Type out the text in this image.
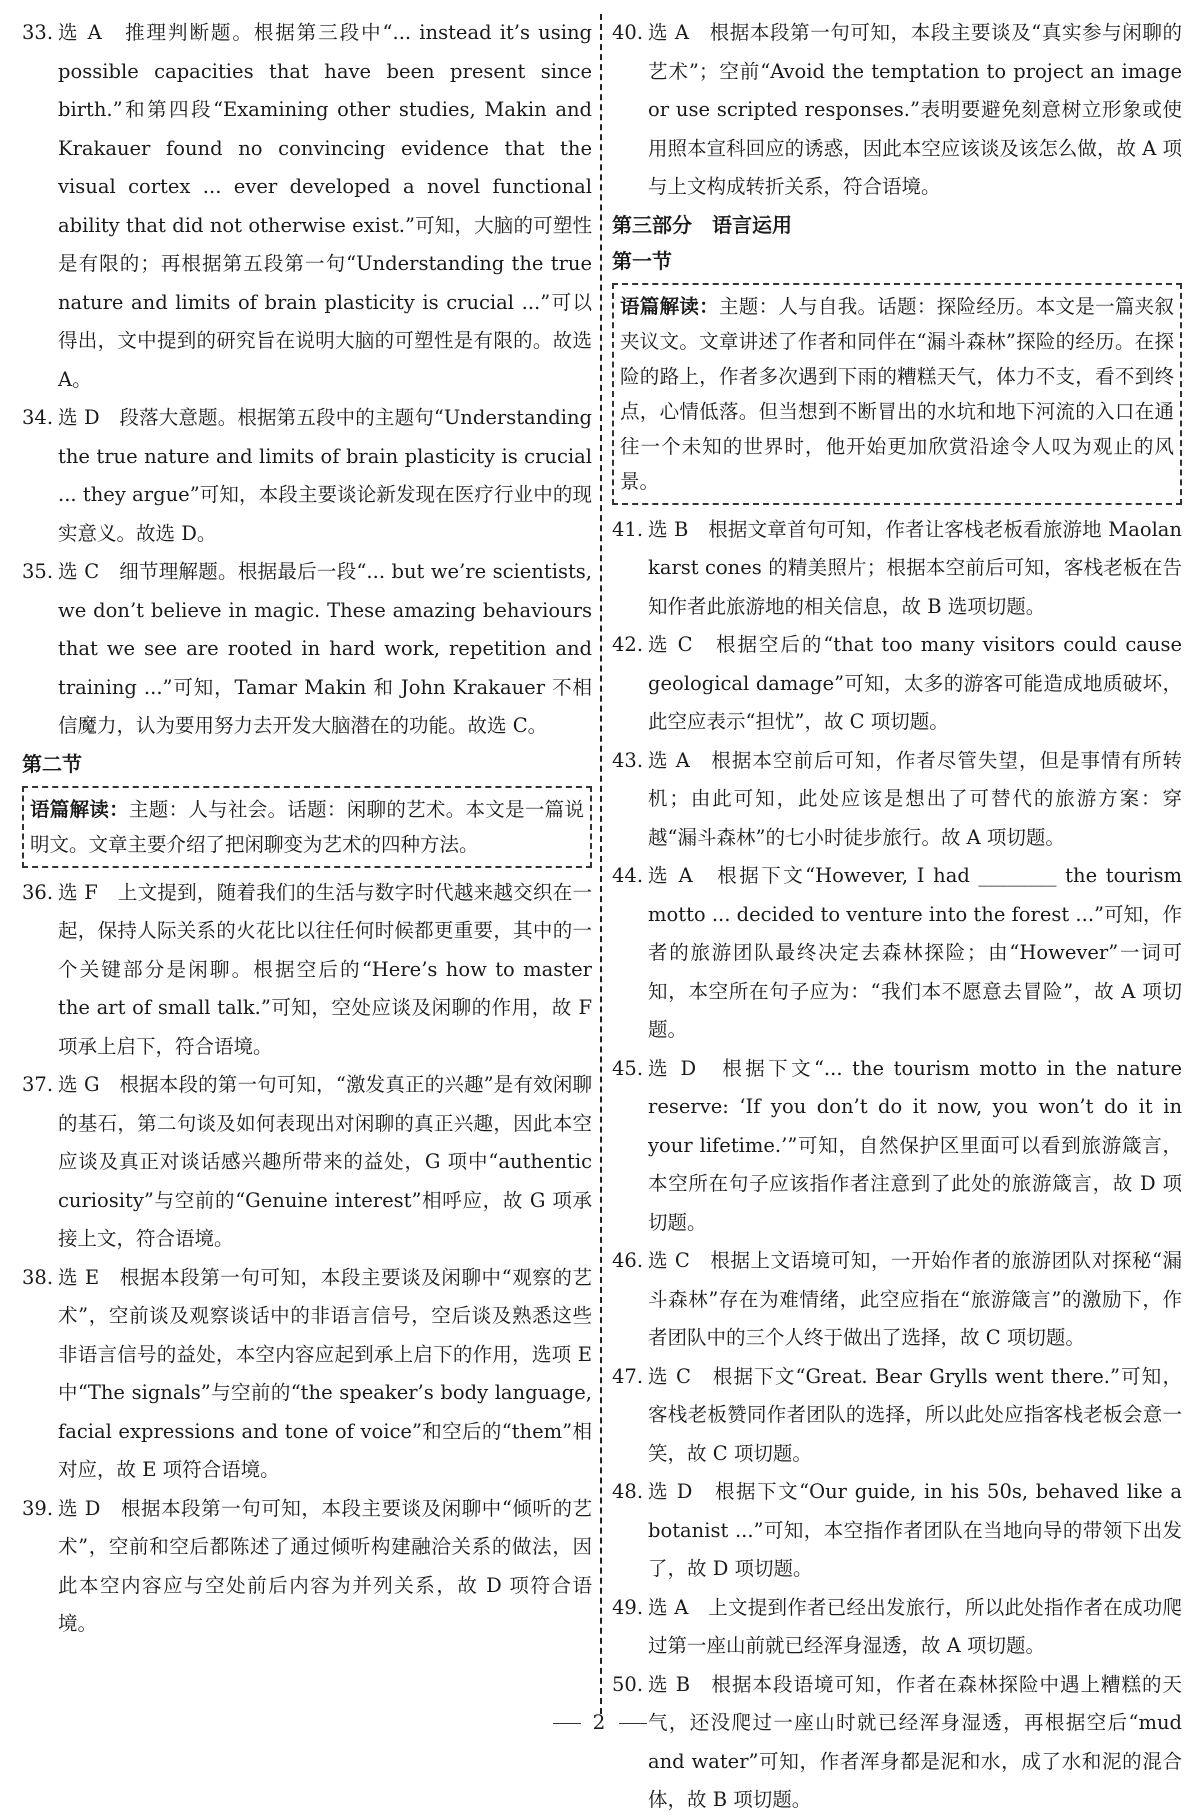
33. 选 A　推理判断题。根据第三段中“... instead it’s using possible capacities that have been present since birth.”和第四段“Examining other studies, Makin and Krakauer found no convincing evidence that the visual cortex ... ever developed a novel functional ability that did not otherwise exist.”可知，大脑的可塑性是有限的；再根据第五段第一句“Understanding the true nature and limits of brain plasticity is crucial ...”可以得出，文中提到的研究旨在说明大脑的可塑性是有限的。故选 A。
34. 选 D　段落大意题。根据第五段中的主题句“Understanding the true nature and limits of brain plasticity is crucial ... they argue”可知，本段主要谈论新发现在医疗行业中的现实意义。故选 D。
35. 选 C　细节理解题。根据最后一段“... but we’re scientists, we don’t believe in magic. These amazing behaviours that we see are rooted in hard work, repetition and training ...”可知，Tamar Makin 和 John Krakauer 不相信魔力，认为要用努力去开发大脑潜在的功能。故选 C。
第二节
语篇解读：主题：人与社会。话题：闲聊的艺术。本文是一篇说明文。文章主要介绍了把闲聊变为艺术的四种方法。
36. 选 F　上文提到，随着我们的生活与数字时代越来越交织在一起，保持人际关系的火花比以往任何时候都更重要，其中的一个关键部分是闲聊。根据空后的“Here’s how to master the art of small talk.”可知，空处应谈及闲聊的作用，故 F 项承上启下，符合语境。
37. 选 G　根据本段的第一句可知，“激发真正的兴趣”是有效闲聊的基石，第二句谈及如何表现出对闲聊的真正兴趣，因此本空应谈及真正对谈话感兴趣所带来的益处，G 项中“authentic curiosity”与空前的“Genuine interest”相呼应，故 G 项承接上文，符合语境。
38. 选 E　根据本段第一句可知，本段主要谈及闲聊中“观察的艺术”，空前谈及观察谈话中的非语言信号，空后谈及熟悉这些非语言信号的益处，本空内容应起到承上启下的作用，选项 E 中“The signals”与空前的“the speaker’s body language, facial expressions and tone of voice”和空后的“them”相对应，故 E 项符合语境。
39. 选 D　根据本段第一句可知，本段主要谈及闲聊中“倾听的艺术”，空前和空后都陈述了通过倾听构建融洽关系的做法，因此本空内容应与空处前后内容为并列关系，故 D 项符合语境。
40. 选 A　根据本段第一句可知，本段主要谈及“真实参与闲聊的艺术”；空前“Avoid the temptation to project an image or use scripted responses.”表明要避免刻意树立形象或使用照本宣科回应的诱惑，因此本空应该谈及该怎么做，故 A 项与上文构成转折关系，符合语境。
第三部分　语言运用
第一节
语篇解读：主题：人与自我。话题：探险经历。本文是一篇夹叙夹议文。文章讲述了作者和同伴在“漏斗森林”探险的经历。在探险的路上，作者多次遇到下雨的糟糕天气，体力不支，看不到终点，心情低落。但当想到不断冒出的水坑和地下河流的入口在通往一个未知的世界时，他开始更加欣赏沿途令人叹为观止的风景。
41. 选 B　根据文章首句可知，作者让客栈老板看旅游地 Maolan karst cones 的精美照片；根据本空前后可知，客栈老板在告知作者此旅游地的相关信息，故 B 选项切题。
42. 选 C　根据空后的“that too many visitors could cause geological damage”可知，太多的游客可能造成地质破坏，此空应表示“担忧”，故 C 项切题。
43. 选 A　根据本空前后可知，作者尽管失望，但是事情有所转机；由此可知，此处应该是想出了可替代的旅游方案：穿越“漏斗森林”的七小时徒步旅行。故 A 项切题。
44. 选 A　根据下文“However, I had ________ the tourism motto ... decided to venture into the forest ...”可知，作者的旅游团队最终决定去森林探险；由“However”一词可知，本空所在句子应为：“我们本不愿意去冒险”，故 A 项切题。
45. 选 D　根据下文“... the tourism motto in the nature reserve: ‘If you don’t do it now, you won’t do it in your lifetime.’”可知，自然保护区里面可以看到旅游箴言，本空所在句子应该指作者注意到了此处的旅游箴言，故 D 项切题。
46. 选 C　根据上文语境可知，一开始作者的旅游团队对探秘“漏斗森林”存在为难情绪，此空应指在“旅游箴言”的激励下，作者团队中的三个人终于做出了选择，故 C 项切题。
47. 选 C　根据下文“Great. Bear Grylls went there.”可知，客栈老板赞同作者团队的选择，所以此处应指客栈老板会意一笑，故 C 项切题。
48. 选 D　根据下文“Our guide, in his 50s, behaved like a botanist ...”可知，本空指作者团队在当地向导的带领下出发了，故 D 项切题。
49. 选 A　上文提到作者已经出发旅行，所以此处指作者在成功爬过第一座山前就已经浑身湿透，故 A 项切题。
50. 选 B　根据本段语境可知，作者在森林探险中遇上糟糕的天气，还没爬过一座山时就已经浑身湿透，再根据空后“mud and water”可知，作者浑身都是泥和水，成了水和泥的混合体，故 B 项切题。
2
